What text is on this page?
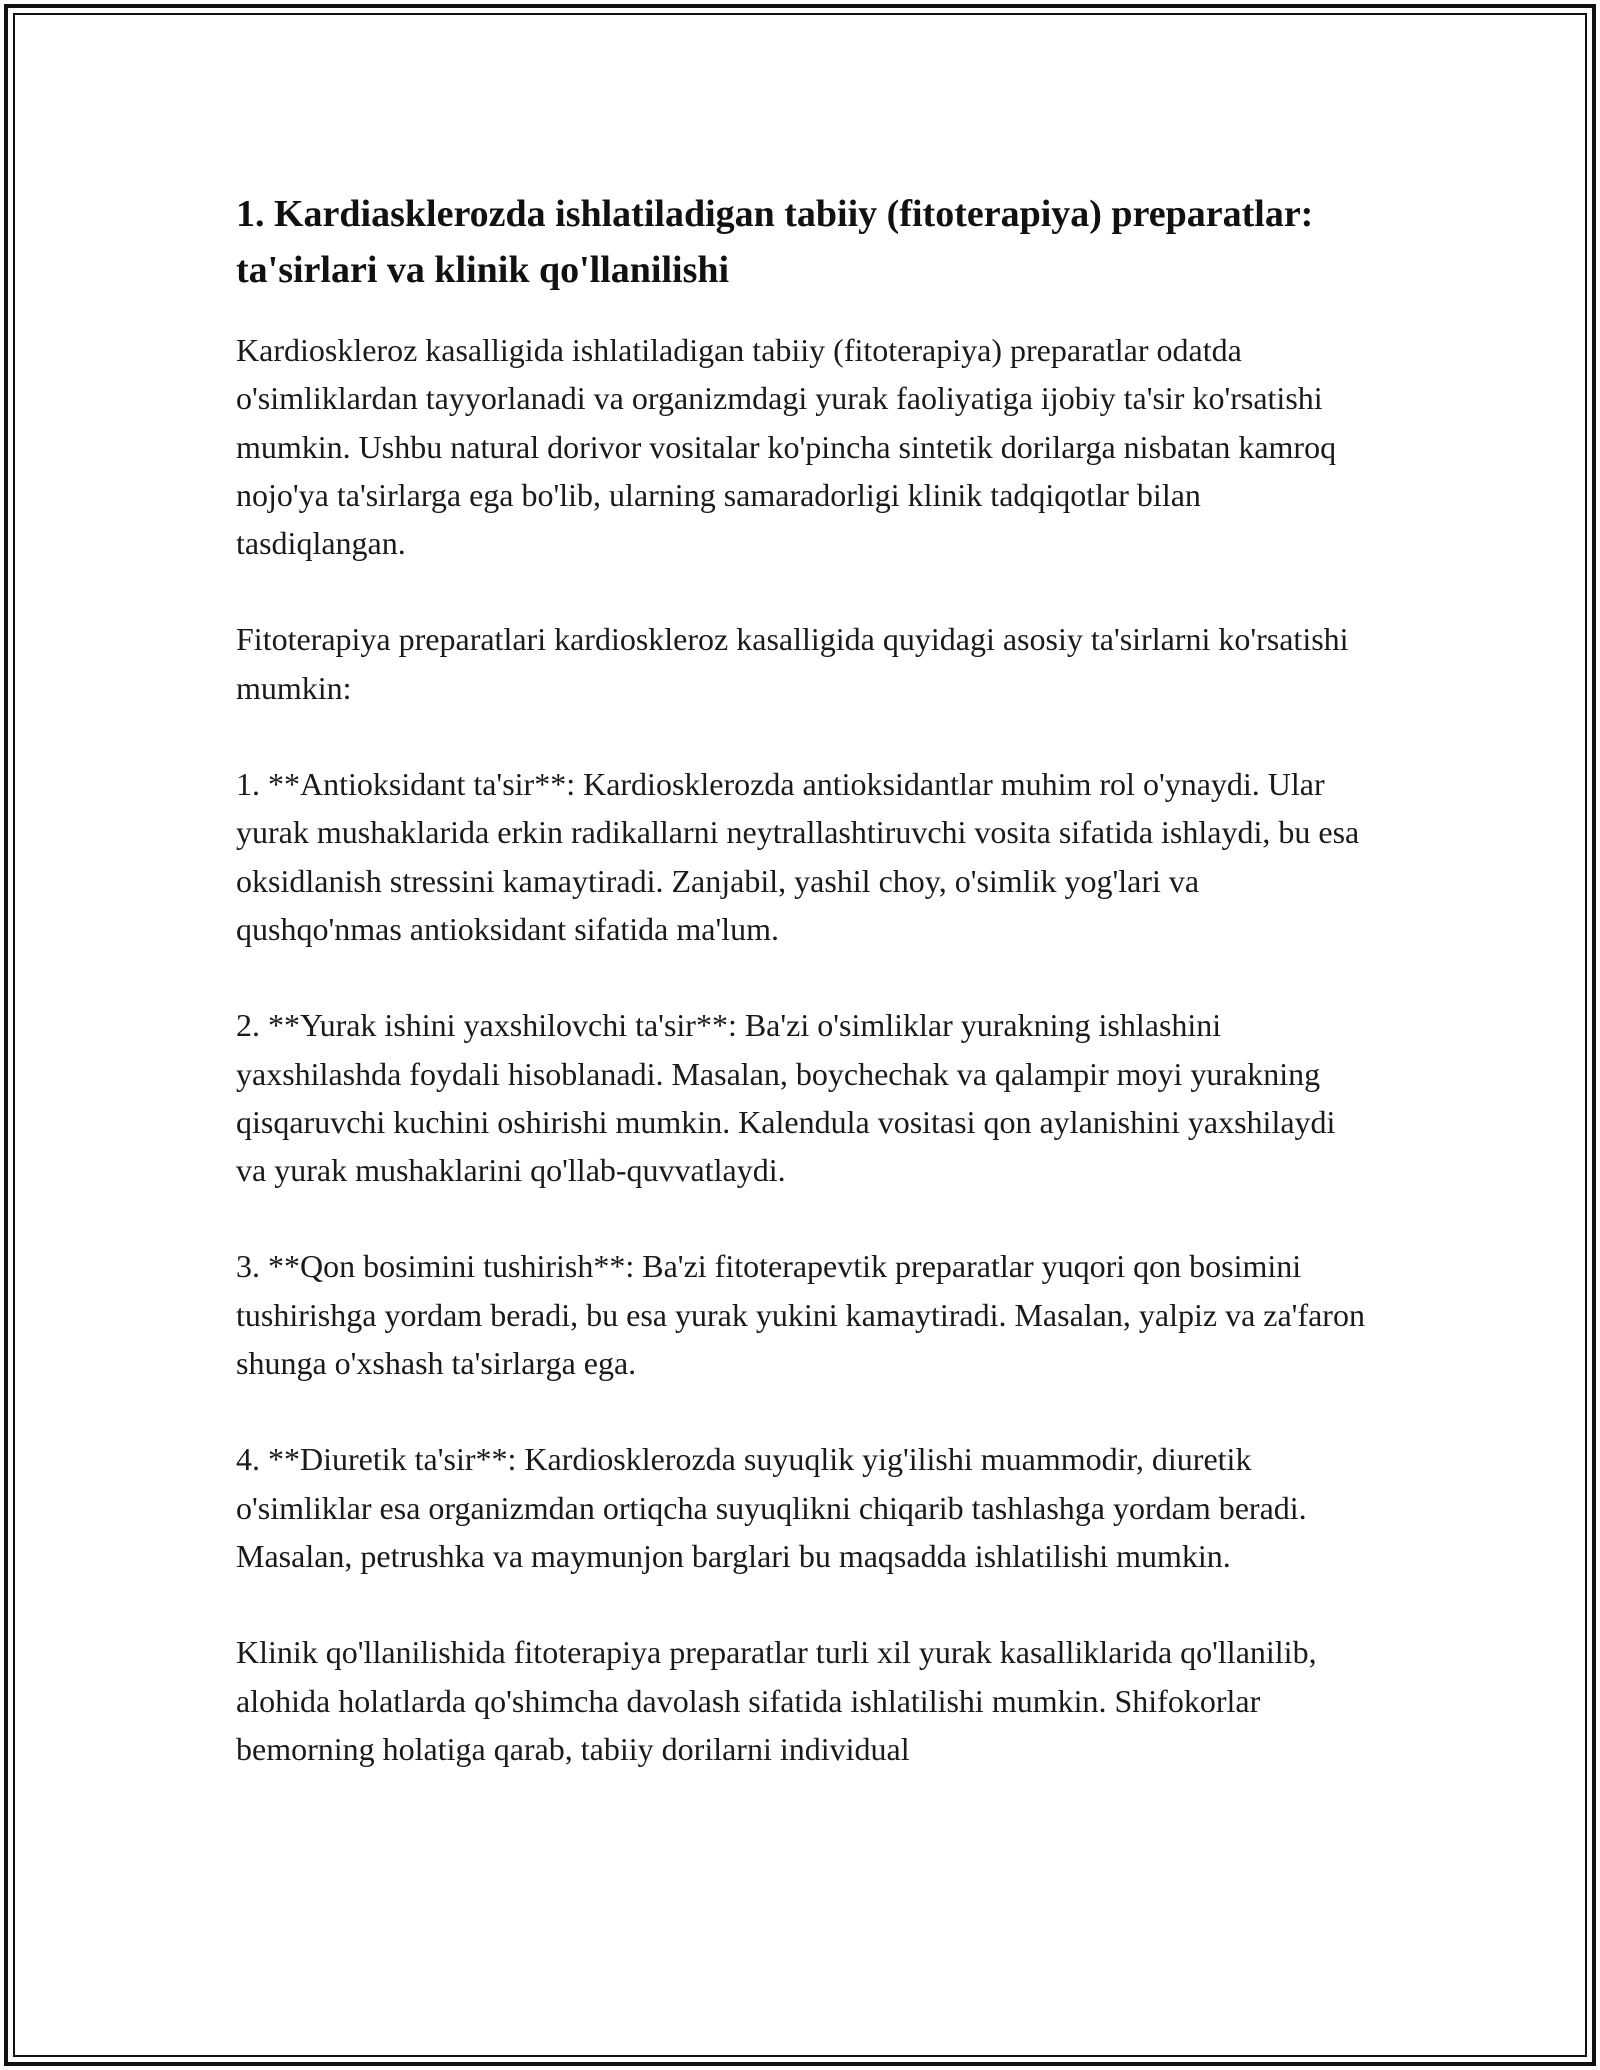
1. Kardiasklerozda ishlatiladigan tabiiy (fitoterapiya) preparatlar: ta'sirlari va klinik qo'llanilishi

Kardioskleroz kasalligida ishlatiladigan tabiiy (fitoterapiya) preparatlar odatda o'simliklardan tayyorlanadi va organizmdagi yurak faoliyatiga ijobiy ta'sir ko'rsatishi mumkin. Ushbu natural dorivor vositalar ko'pincha sintetik dorilarga nisbatan kamroq nojo'ya ta'sirlarga ega bo'lib, ularning samaradorligi klinik tadqiqotlar bilan tasdiqlangan.

Fitoterapiya preparatlari kardioskleroz kasalligida quyidagi asosiy ta'sirlarni ko'rsatishi mumkin:

1. **Antioksidant ta'sir**: Kardiosklerozda antioksidantlar muhim rol o'ynaydi. Ular yurak mushaklarida erkin radikallarni neytrallashtiruvchi vosita sifatida ishlaydi, bu esa oksidlanish stressini kamaytiradi. Zanjabil, yashil choy, o'simlik yog'lari va qushqo'nmas antioksidant sifatida ma'lum.

2. **Yurak ishini yaxshilovchi ta'sir**: Ba'zi o'simliklar yurakning ishlashini yaxshilashda foydali hisoblanadi. Masalan, boychechak va qalampir moyi yurakning qisqaruvchi kuchini oshirishi mumkin. Kalendula vositasi qon aylanishini yaxshilaydi va yurak mushaklarini qo'llab-quvvatlaydi.

3. **Qon bosimini tushirish**: Ba'zi fitoterapevtik preparatlar yuqori qon bosimini tushirishga yordam beradi, bu esa yurak yukini kamaytiradi. Masalan, yalpiz va za'faron shunga o'xshash ta'sirlarga ega.

4. **Diuretik ta'sir**: Kardiosklerozda suyuqlik yig'ilishi muammodir, diuretik o'simliklar esa organizmdan ortiqcha suyuqlikni chiqarib tashlashga yordam beradi. Masalan, petrushka va maymunjon barglari bu maqsadda ishlatilishi mumkin.

Klinik qo'llanilishida fitoterapiya preparatlar turli xil yurak kasalliklarida qo'llanilib, alohida holatlarda qo'shimcha davolash sifatida ishlatilishi mumkin. Shifokorlar bemorning holatiga qarab, tabiiy dorilarni individual
